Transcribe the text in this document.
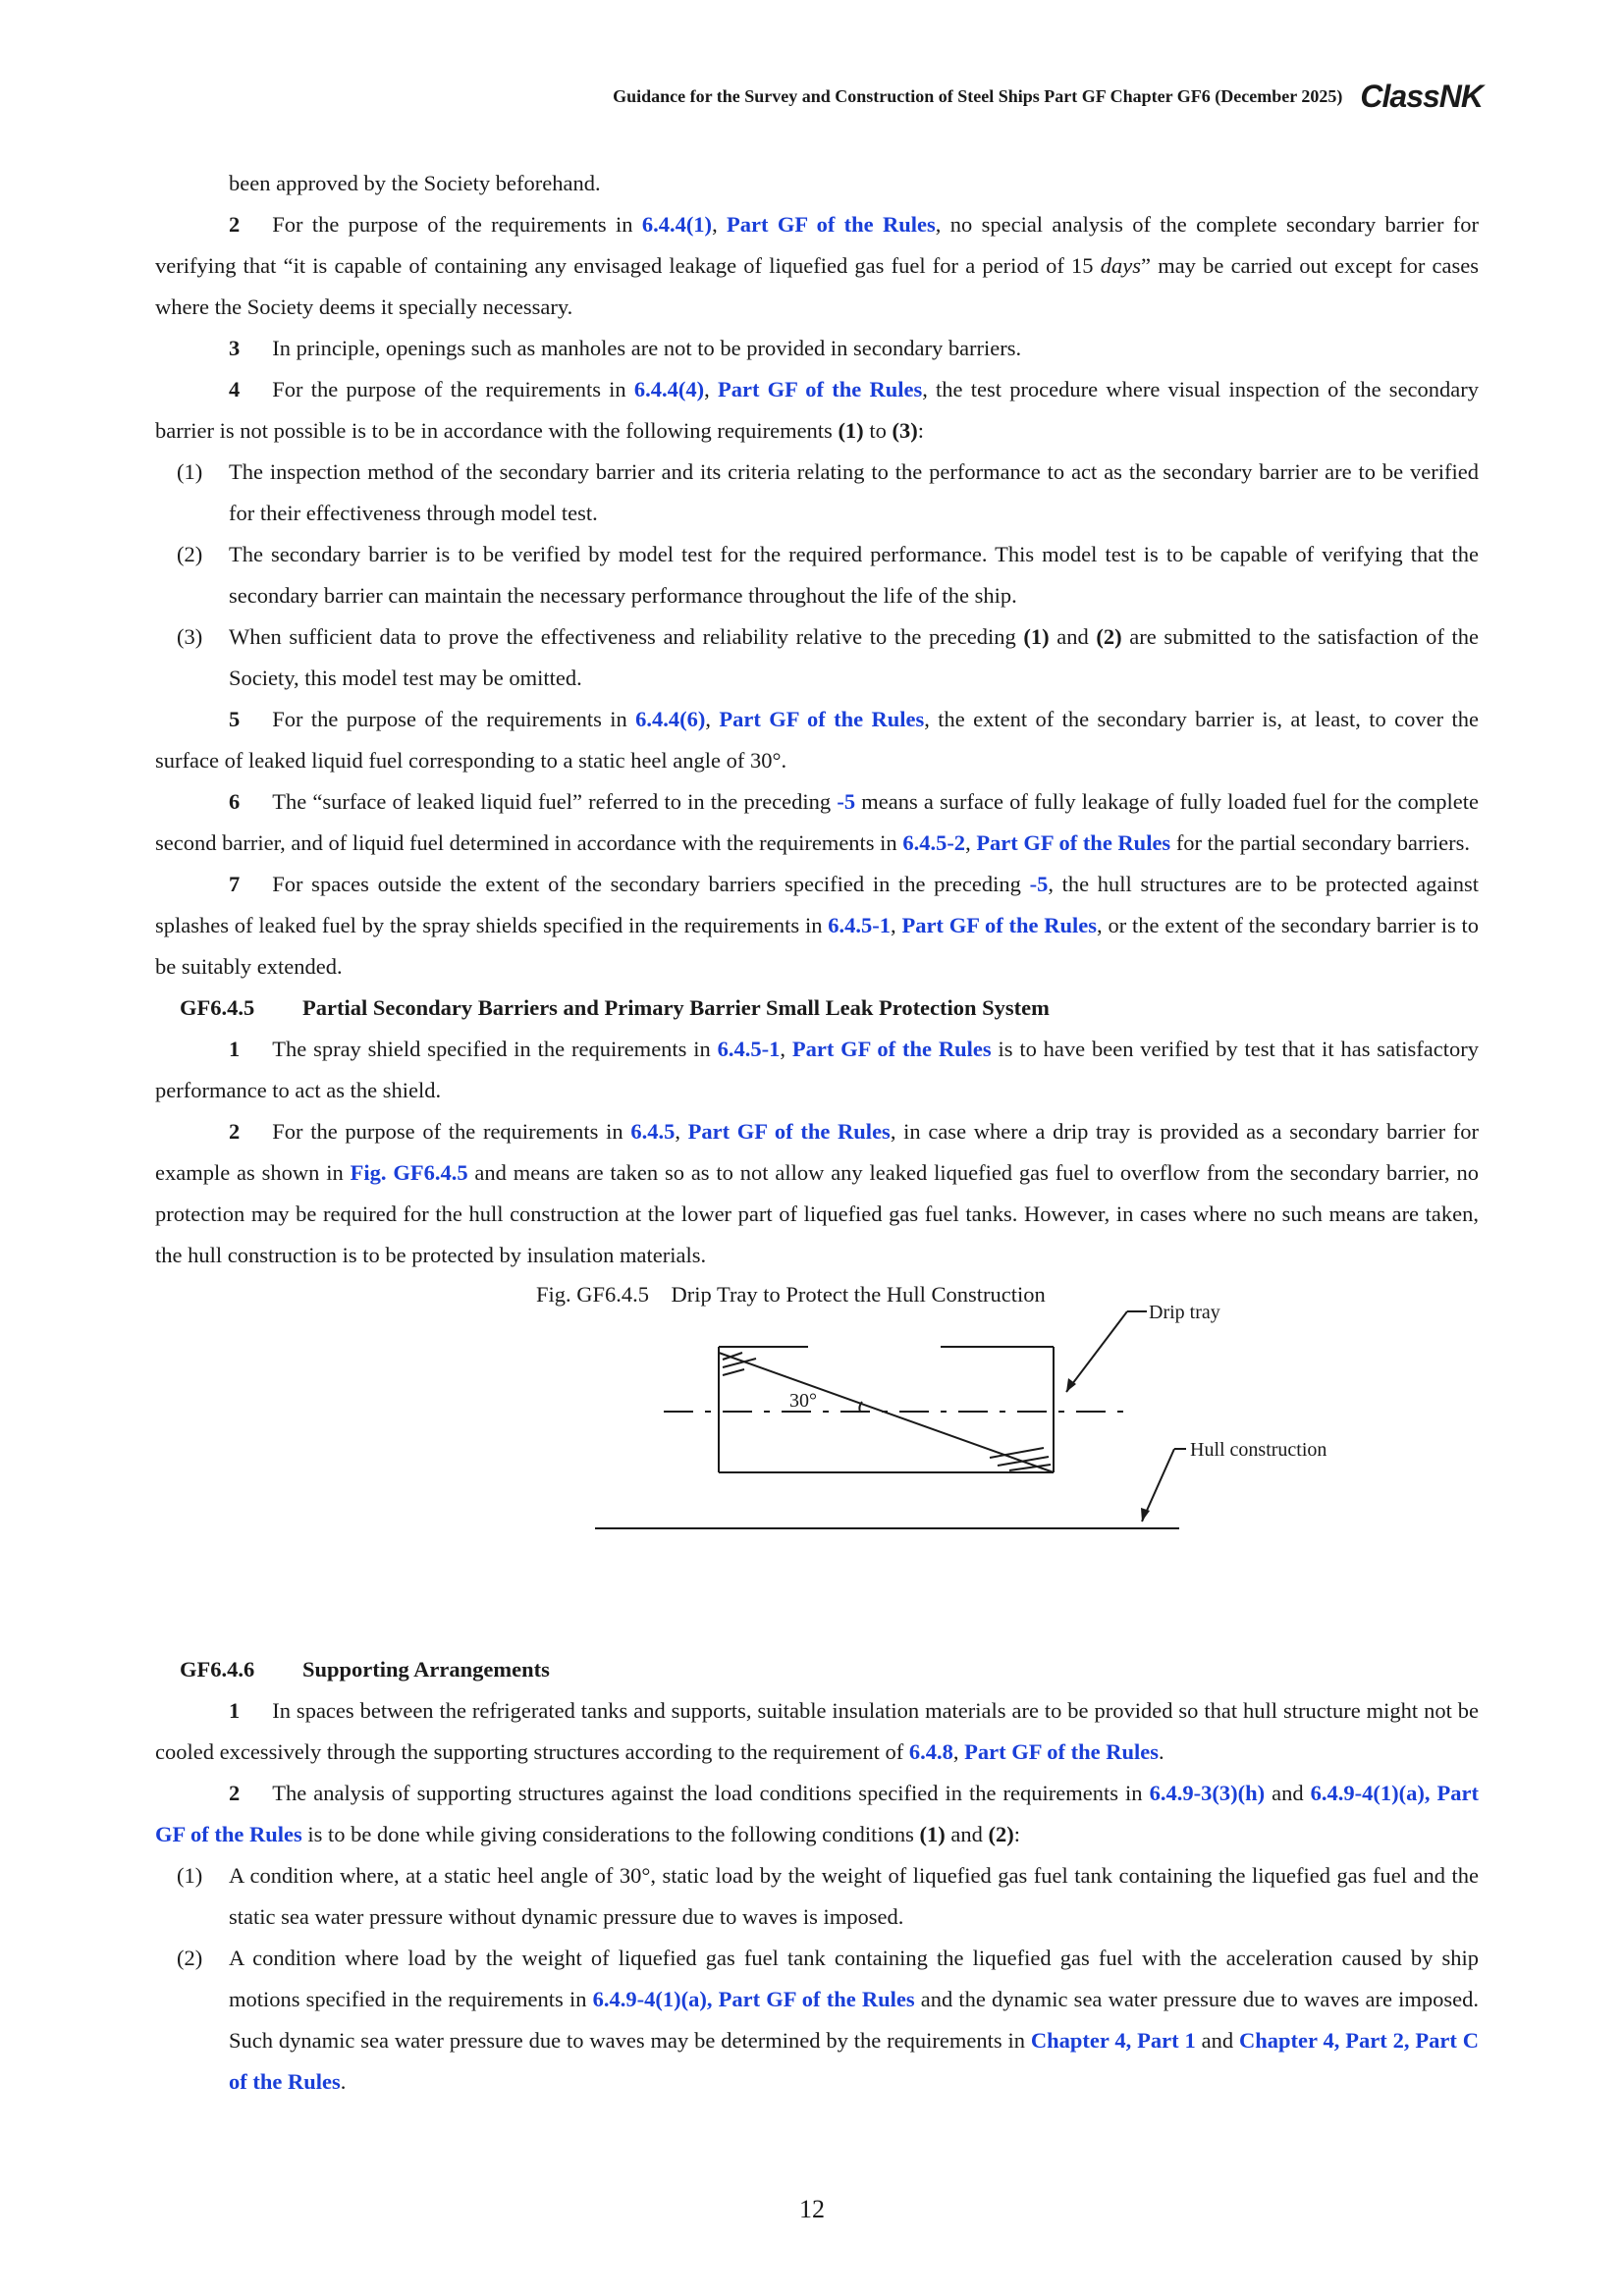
Guidance for the Survey and Construction of Steel Ships Part GF Chapter GF6 (December 2025) ClassNK

been approved by the Society beforehand.

2 For the purpose of the requirements in 6.4.4(1), Part GF of the Rules, no special analysis of the complete secondary barrier for verifying that “it is capable of containing any envisaged leakage of liquefied gas fuel for a period of 15 days” may be carried out except for cases where the Society deems it specially necessary.

3 In principle, openings such as manholes are not to be provided in secondary barriers.

4 For the purpose of the requirements in 6.4.4(4), Part GF of the Rules, the test procedure where visual inspection of the secondary barrier is not possible is to be in accordance with the following requirements (1) to (3):

(1) The inspection method of the secondary barrier and its criteria relating to the performance to act as the secondary barrier are to be verified for their effectiveness through model test.

(2) The secondary barrier is to be verified by model test for the required performance. This model test is to be capable of verifying that the secondary barrier can maintain the necessary performance throughout the life of the ship.

(3) When sufficient data to prove the effectiveness and reliability relative to the preceding (1) and (2) are submitted to the satisfaction of the Society, this model test may be omitted.

5 For the purpose of the requirements in 6.4.4(6), Part GF of the Rules, the extent of the secondary barrier is, at least, to cover the surface of leaked liquid fuel corresponding to a static heel angle of 30°.

6 The “surface of leaked liquid fuel” referred to in the preceding -5 means a surface of fully leakage of fully loaded fuel for the complete second barrier, and of liquid fuel determined in accordance with the requirements in 6.4.5-2, Part GF of the Rules for the partial secondary barriers.

7 For spaces outside the extent of the secondary barriers specified in the preceding -5, the hull structures are to be protected against splashes of leaked fuel by the spray shields specified in the requirements in 6.4.5-1, Part GF of the Rules, or the extent of the secondary barrier is to be suitably extended.

GF6.4.5 Partial Secondary Barriers and Primary Barrier Small Leak Protection System

1 The spray shield specified in the requirements in 6.4.5-1, Part GF of the Rules is to have been verified by test that it has satisfactory performance to act as the shield.

2 For the purpose of the requirements in 6.4.5, Part GF of the Rules, in case where a drip tray is provided as a secondary barrier for example as shown in Fig. GF6.4.5 and means are taken so as to not allow any leaked liquefied gas fuel to overflow from the secondary barrier, no protection may be required for the hull construction at the lower part of liquefied gas fuel tanks. However, in cases where no such means are taken, the hull construction is to be protected by insulation materials.

30°
Drip tray
Hull construction
Fig. GF6.4.5 Drip Tray to Protect the Hull Construction

GF6.4.6 Supporting Arrangements

1 In spaces between the refrigerated tanks and supports, suitable insulation materials are to be provided so that hull structure might not be cooled excessively through the supporting structures according to the requirement of 6.4.8, Part GF of the Rules.

2 The analysis of supporting structures against the load conditions specified in the requirements in 6.4.9-3(3)(h) and 6.4.9-4(1)(a), Part GF of the Rules is to be done while giving considerations to the following conditions (1) and (2):

(1) A condition where, at a static heel angle of 30°, static load by the weight of liquefied gas fuel tank containing the liquefied gas fuel and the static sea water pressure without dynamic pressure due to waves is imposed.

(2) A condition where load by the weight of liquefied gas fuel tank containing the liquefied gas fuel with the acceleration caused by ship motions specified in the requirements in 6.4.9-4(1)(a), Part GF of the Rules and the dynamic sea water pressure due to waves are imposed. Such dynamic sea water pressure due to waves may be determined by the requirements in Chapter 4, Part 1 and Chapter 4, Part 2, Part C of the Rules.

12
